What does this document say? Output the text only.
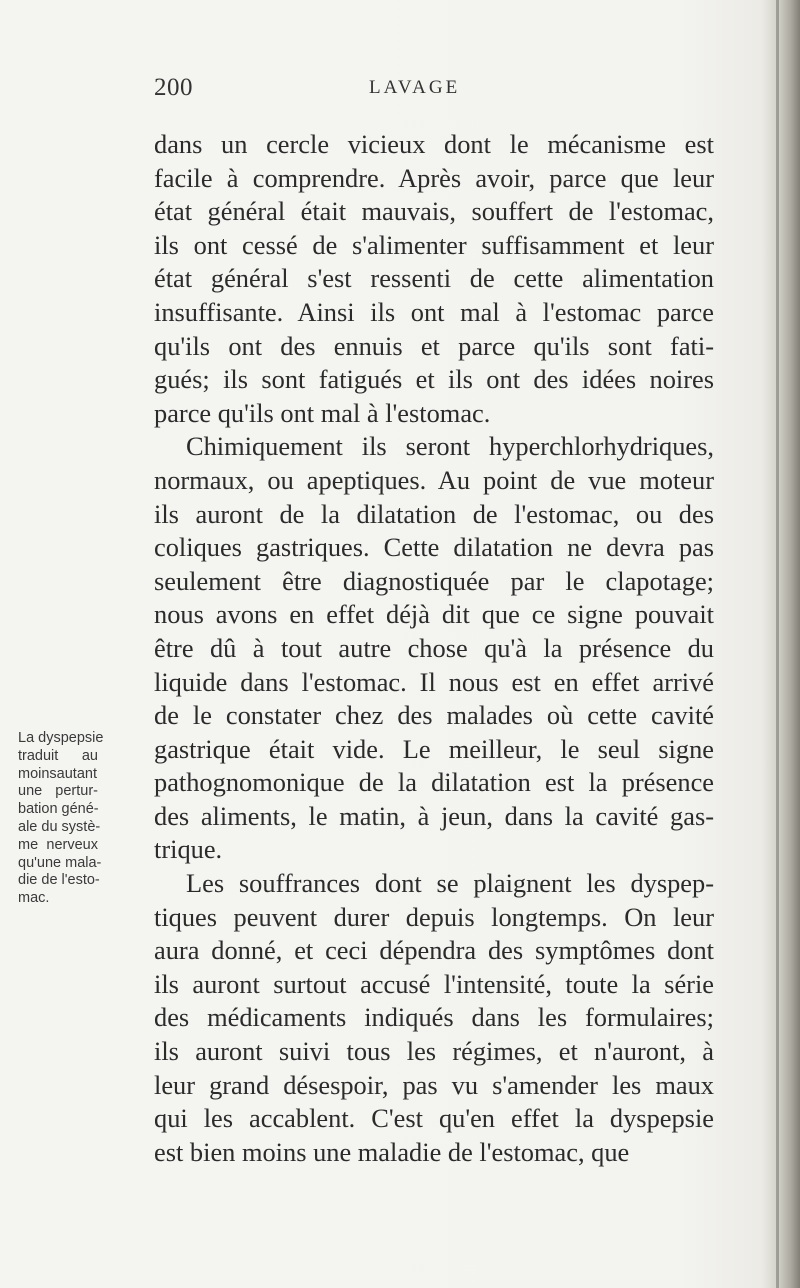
200	LAVAGE
dans un cercle vicieux dont le mécanisme est
facile à comprendre. Après avoir, parce que leur
état général était mauvais, souffert de l'estomac,
ils ont cessé de s'alimenter suffisamment et leur
état général s'est ressenti de cette alimentation
insuffisante. Ainsi ils ont mal à l'estomac parce
qu'ils ont des ennuis et parce qu'ils sont fati-
gués; ils sont fatigués et ils ont des idées noires
parce qu'ils ont mal à l'estomac.
Chimiquement ils seront hyperchlorhydriques,
normaux, ou apeptiques. Au point de vue moteur
ils auront de la dilatation de l'estomac, ou des
coliques gastriques. Cette dilatation ne devra pas
seulement être diagnostiquée par le clapotage;
nous avons en effet déjà dit que ce signe pouvait
être dû à tout autre chose qu'à la présence du
liquide dans l'estomac. Il nous est en effet arrivé
de le constater chez des malades où cette cavité
gastrique était vide. Le meilleur, le seul signe
pathognomonique de la dilatation est la présence
des aliments, le matin, à jeun, dans la cavité gas-
trique.
Les souffrances dont se plaignent les dyspep-
tiques peuvent durer depuis longtemps. On leur
aura donné, et ceci dépendra des symptômes dont
ils auront surtout accusé l'intensité, toute la série
des médicaments indiqués dans les formulaires;
ils auront suivi tous les régimes, et n'auront, à
leur grand désespoir, pas vu s'amender les maux
qui les accablent. C'est qu'en effet la dyspepsie
est bien moins une maladie de l'estomac, que
La dyspepsie
traduit au
moinsautant
une pertur-
bation géné-
ale du systè-
me nerveux
qu'une mala-
die de l'esto-
mac.
